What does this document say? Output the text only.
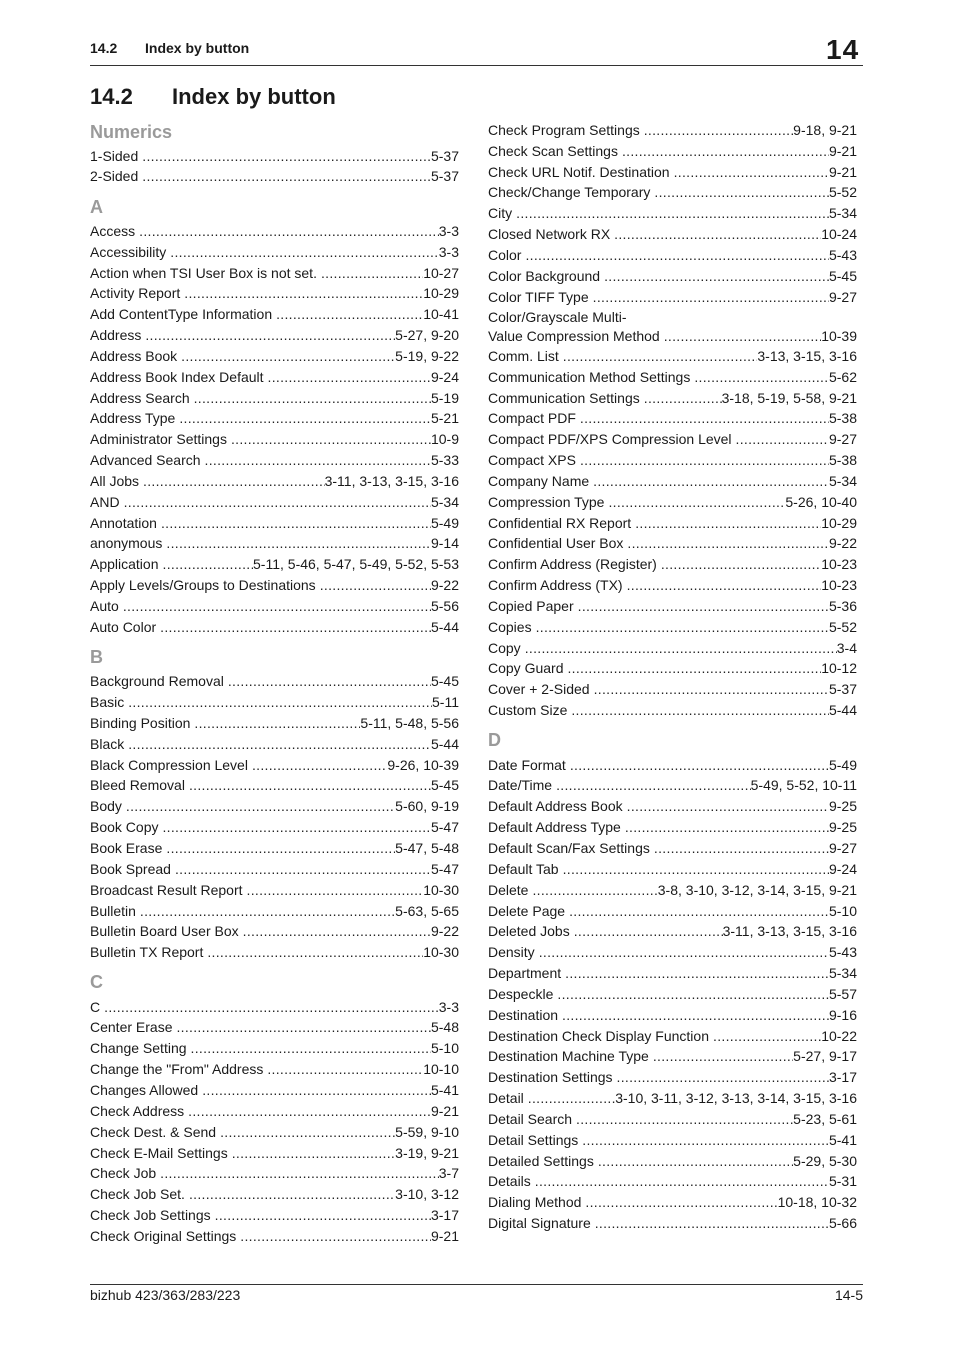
14.2 Index by button	14
14.2 Index by button
Numerics
1-Sided .....	5-37
2-Sided .....	5-37
A
Access .....	3-3
Accessibility .....	3-3
Action when TSI User Box is not set. .....	10-27
Activity Report .....	10-29
Add ContentType Information .....	10-41
Address .....	5-27, 9-20
Address Book .....	5-19, 9-22
Address Book Index Default .....	9-24
Address Search .....	5-19
Address Type .....	5-21
Administrator Settings .....	10-9
Advanced Search .....	5-33
All Jobs .....	3-11, 3-13, 3-15, 3-16
AND .....	5-34
Annotation .....	5-49
anonymous .....	9-14
Application .....	5-11, 5-46, 5-47, 5-49, 5-52, 5-53
Apply Levels/Groups to Destinations .....	9-22
Auto .....	5-56
Auto Color .....	5-44
B
Background Removal .....	5-45
Basic .....	5-11
Binding Position .....	5-11, 5-48, 5-56
Black .....	5-44
Black Compression Level .....	9-26, 10-39
Bleed Removal .....	5-45
Body .....	5-60, 9-19
Book Copy .....	5-47
Book Erase .....	5-47, 5-48
Book Spread .....	5-47
Broadcast Result Report .....	10-30
Bulletin .....	5-63, 5-65
Bulletin Board User Box .....	9-22
Bulletin TX Report .....	10-30
C
C .....	3-3
Center Erase .....	5-48
Change Setting .....	5-10
Change the "From" Address .....	10-10
Changes Allowed .....	5-41
Check Address .....	9-21
Check Dest. & Send .....	5-59, 9-10
Check E-Mail Settings .....	3-19, 9-21
Check Job .....	3-7
Check Job Set. .....	3-10, 3-12
Check Job Settings .....	3-17
Check Original Settings .....	9-21
Check Program Settings .....	9-18, 9-21
Check Scan Settings .....	9-21
Check URL Notif. Destination .....	9-21
Check/Change Temporary .....	5-52
City .....	5-34
Closed Network RX .....	10-24
Color .....	5-43
Color Background .....	5-45
Color TIFF Type .....	9-27
Color/Grayscale Multi-
Value Compression Method .....	10-39
Comm. List .....	3-13, 3-15, 3-16
Communication Method Settings .....	5-62
Communication Settings .....	3-18, 5-19, 5-58, 9-21
Compact PDF .....	5-38
Compact PDF/XPS Compression Level .....	9-27
Compact XPS .....	5-38
Company Name .....	5-34
Compression Type .....	5-26, 10-40
Confidential RX Report .....	10-29
Confidential User Box .....	9-22
Confirm Address (Register) .....	10-23
Confirm Address (TX) .....	10-23
Copied Paper .....	5-36
Copies .....	5-52
Copy .....	3-4
Copy Guard .....	10-12
Cover + 2-Sided .....	5-37
Custom Size .....	5-44
D
Date Format .....	5-49
Date/Time .....	5-49, 5-52, 10-11
Default Address Book .....	9-25
Default Address Type .....	9-25
Default Scan/Fax Settings .....	9-27
Default Tab .....	9-24
Delete .....	3-8, 3-10, 3-12, 3-14, 3-15, 9-21
Delete Page .....	5-10
Deleted Jobs .....	3-11, 3-13, 3-15, 3-16
Density .....	5-43
Department .....	5-34
Despeckle .....	5-57
Destination .....	9-16
Destination Check Display Function .....	10-22
Destination Machine Type .....	5-27, 9-17
Destination Settings .....	3-17
Detail .....	3-10, 3-11, 3-12, 3-13, 3-14, 3-15, 3-16
Detail Search .....	5-23, 5-61
Detail Settings .....	5-41
Detailed Settings .....	5-29, 5-30
Details .....	5-31
Dialing Method .....	10-18, 10-32
Digital Signature .....	5-66
bizhub 423/363/283/223	14-5
